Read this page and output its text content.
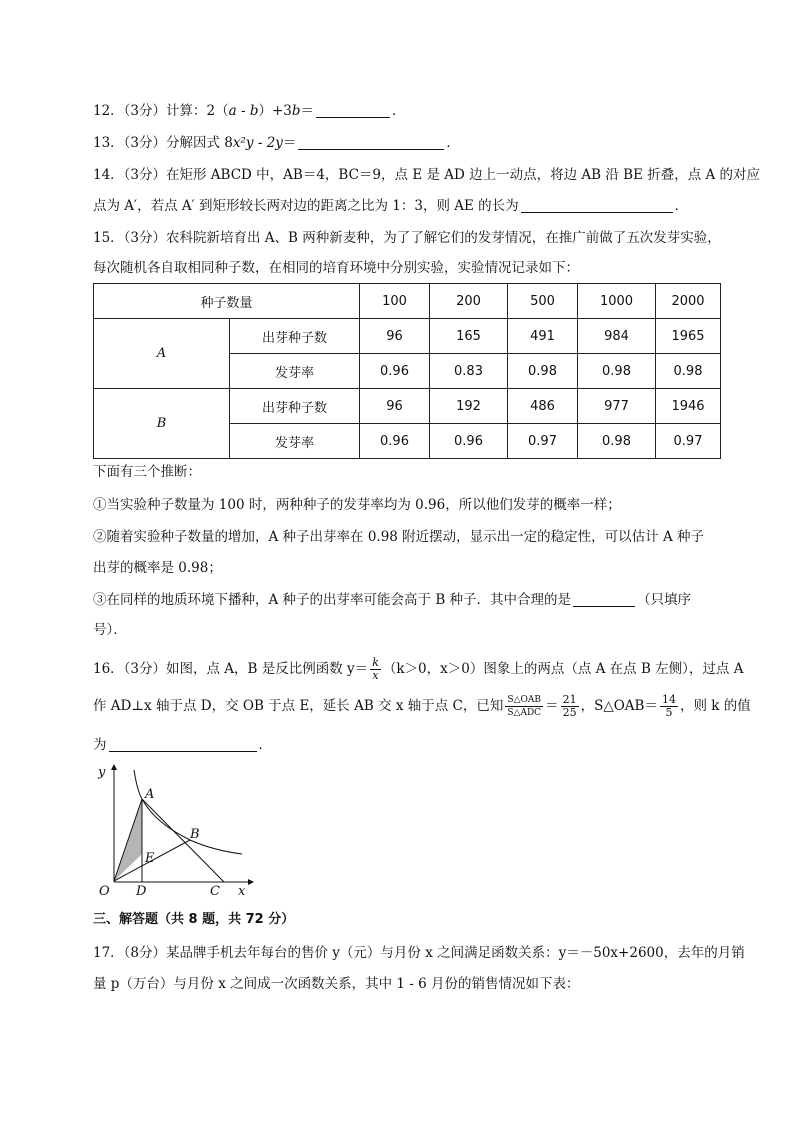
12．（3分）计算：2（a - b）+3b＝	．
13．（3分）分解因式 8x²y - 2y＝	．
14．（3分）在矩形 ABCD 中，AB＝4，BC＝9，点 E 是 AD 边上一动点，将边 AB 沿 BE 折叠，点 A 的对应
点为 A′，若点 A′ 到矩形较长两对边的距离之比为 1：3，则 AE 的长为	．
15．（3分）农科院新培育出 A、B 两种新麦种，为了了解它们的发芽情况，在推广前做了五次发芽实验，
每次随机各自取相同种子数，在相同的培育环境中分别实验，实验情况记录如下：
种子数量		100	200	500	1000	2000
A	出芽种子数	96	165	491	984	1965
	发芽率	0.96	0.83	0.98	0.98	0.98
B	出芽种子数	96	192	486	977	1946
	发芽率	0.96	0.96	0.97	0.98	0.97
下面有三个推断：
①当实验种子数量为 100 时，两种种子的发芽率均为 0.96，所以他们发芽的概率一样；
②随着实验种子数量的增加，A 种子出芽率在 0.98 附近摆动，显示出一定的稳定性，可以估计 A 种子
出芽的概率是 0.98；
③在同样的地质环境下播种，A 种子的出芽率可能会高于 B 种子．其中合理的是	（只填序
号）．
16．（3分）如图，点 A，B 是反比例函数 $y= \frac{k}{x} (k>0$，x＞0）图象上的两点（点 A 在点 B 左侧），过点 A
作 AD⊥x 轴于点 D，交 OB 于点 E，延长 AB 交 x 轴于点 C，已知 $\frac{\text{S△OAB}}{\text{S△ADC}} = \frac{21}{25}$ ，S△OAB＝ $\frac{14}{5}$ ，则 k 的值
为	．
y
x
O
A
B
C
D
E
三、解答题（共 8 题，共 72 分）
17．（8分）某品牌手机去年每台的售价 y（元）与月份 x 之间满足函数关系：y＝－50x+2600，去年的月销
量 p（万台）与月份 x 之间成一次函数关系，其中 1 - 6 月份的销售情况如下表：
